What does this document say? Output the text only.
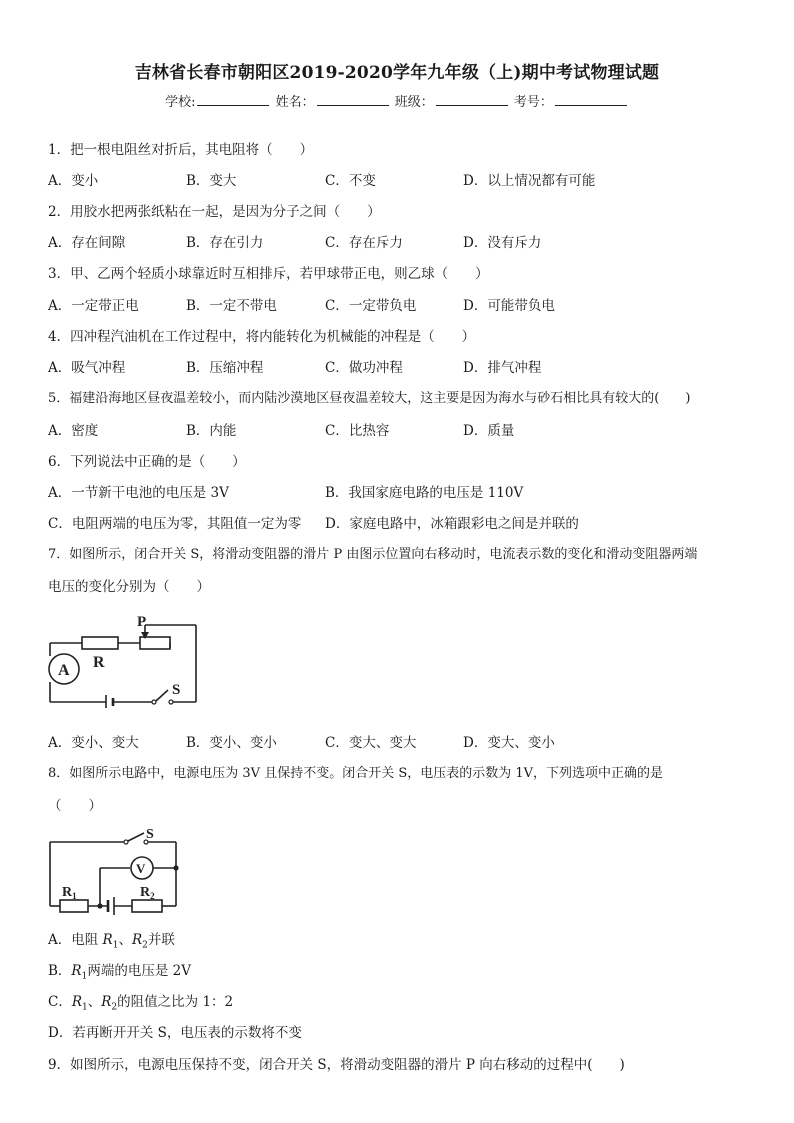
吉林省长春市朝阳区2019-2020学年九年级（上)期中考试物理试题
学校:	姓名：	班级：	考号：
1．把一根电阻丝对折后，其电阻将（　　）
A．变小	B．变大	C．不变	D．以上情况都有可能
2．用胶水把两张纸粘在一起，是因为分子之间（　　）
A．存在间隙	B．存在引力	C．存在斥力	D．没有斥力
3．甲、乙两个轻质小球靠近时互相排斥，若甲球带正电，则乙球（　　）
A．一定带正电	B．一定不带电	C．一定带负电	D．可能带负电
4．四冲程汽油机在工作过程中，将内能转化为机械能的冲程是（　　）
A．吸气冲程	B．压缩冲程	C．做功冲程	D．排气冲程
5．福建沿海地区昼夜温差较小，而内陆沙漠地区昼夜温差较大，这主要是因为海水与砂石相比具有较大的(　　)
A．密度	B．内能	C．比热容	D．质量
6．下列说法中正确的是（　　）
A．一节新干电池的电压是 3V	B．我国家庭电路的电压是 110V
C．电阻两端的电压为零，其阻值一定为零 D．家庭电路中，冰箱跟彩电之间是并联的
7．如图所示，闭合开关 S，将滑动变阻器的滑片 P 由图示位置向右移动时，电流表示数的变化和滑动变阻器两端
电压的变化分别为（　　）
P
R
A
S
A．变小、变大	B．变小、变小	C．变大、变大	D．变大、变小
8．如图所示电路中，电源电压为 3V 且保持不变。闭合开关 S，电压表的示数为 1V，下列选项中正确的是
（　　）
S
V
$R_1$	$R_2$
A．电阻 $R_1$、$R_2$并联
B．$R_1$两端的电压是 2V
C．$R_1$、$R_2$的阻值之比为 1：2
D．若再断开开关 S，电压表的示数将不变
9．如图所示，电源电压保持不变，闭合开关 S，将滑动变阻器的滑片 P 向右移动的过程中(　　)
